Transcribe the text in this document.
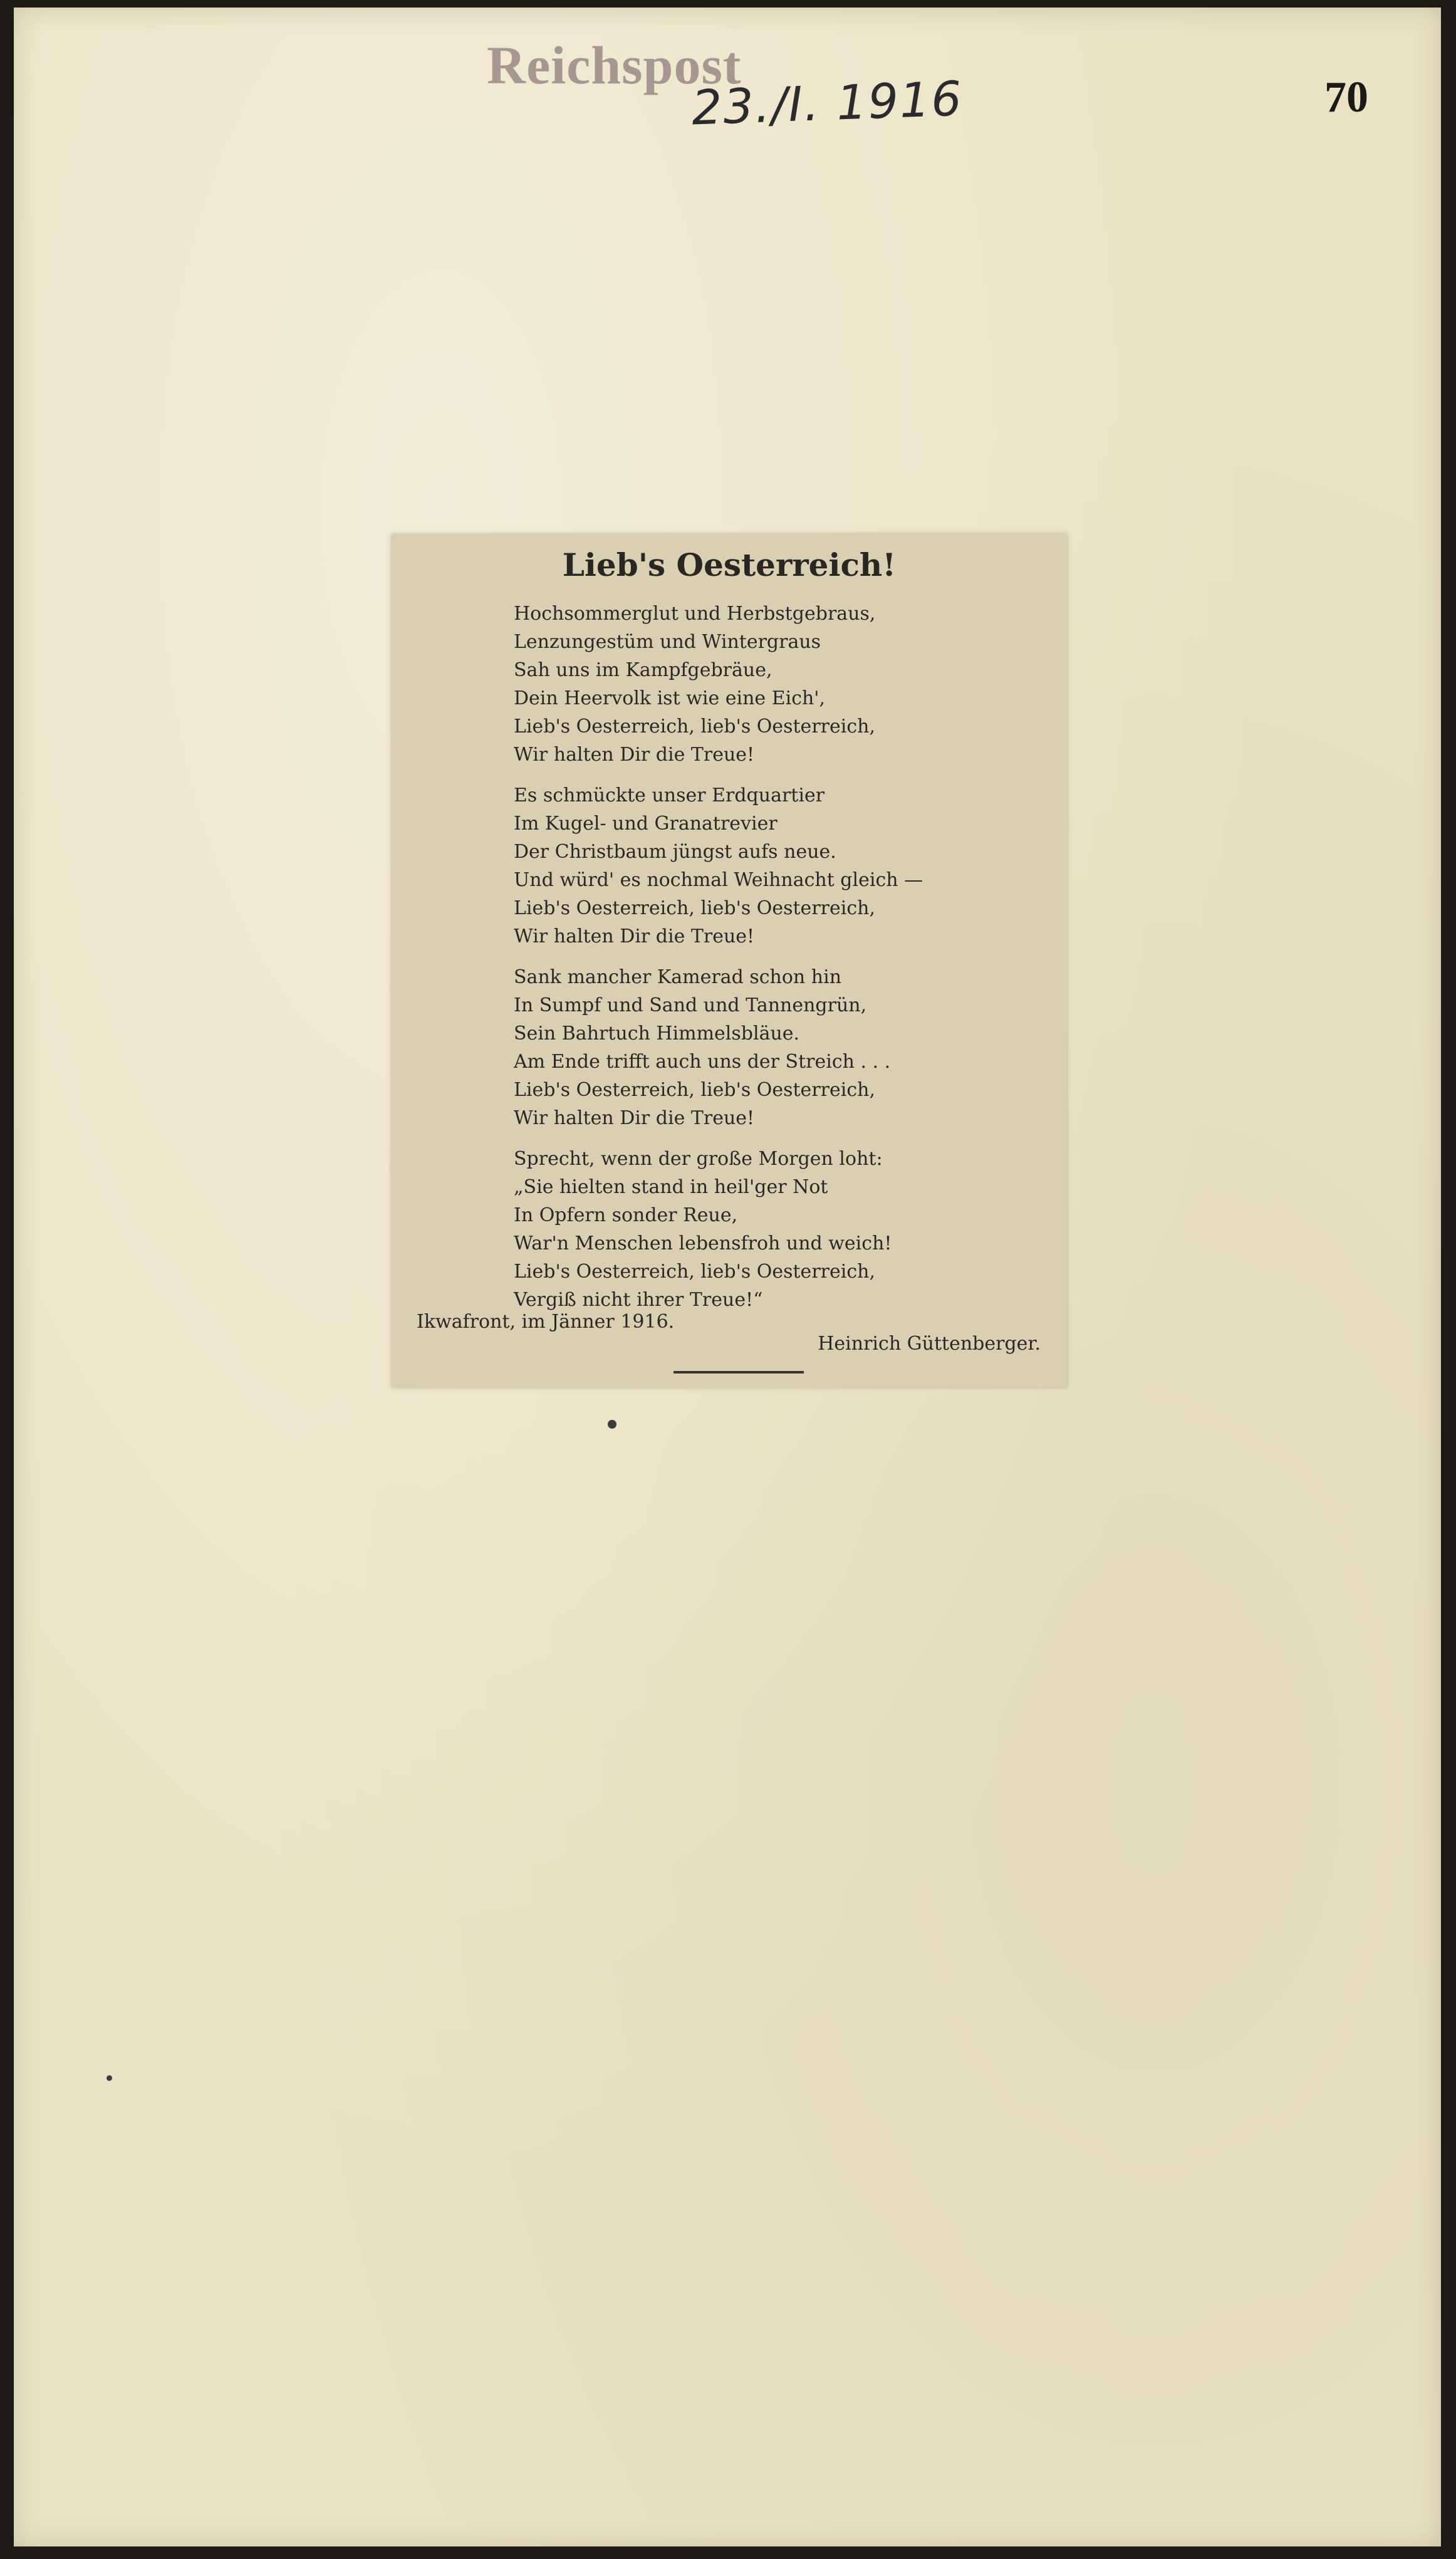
Reichspost
23./I. 1916	70
Lieb's Oesterreich!
Hochsommerglut und Herbstgebraus,
Lenzungestüm und Wintergraus
Sah uns im Kampfgebräue,
Dein Heervolk ist wie eine Eich',
Lieb's Oesterreich, lieb's Oesterreich,
Wir halten Dir die Treue!
Es schmückte unser Erdquartier
Im Kugel- und Granatrevier
Der Christbaum jüngst aufs neue.
Und würd' es nochmal Weihnacht gleich —
Lieb's Oesterreich, lieb's Oesterreich,
Wir halten Dir die Treue!
Sank mancher Kamerad schon hin
In Sumpf und Sand und Tannengrün,
Sein Bahrtuch Himmelsbläue.
Am Ende trifft auch uns der Streich . . .
Lieb's Oesterreich, lieb's Oesterreich,
Wir halten Dir die Treue!
Sprecht, wenn der große Morgen loht:
„Sie hielten stand in heil'ger Not
In Opfern sonder Reue,
War'n Menschen lebensfroh und weich!
Lieb's Oesterreich, lieb's Oesterreich,
Vergiß nicht ihrer Treue!“
Ikwafront, im Jänner 1916.
Heinrich Güttenberger.
